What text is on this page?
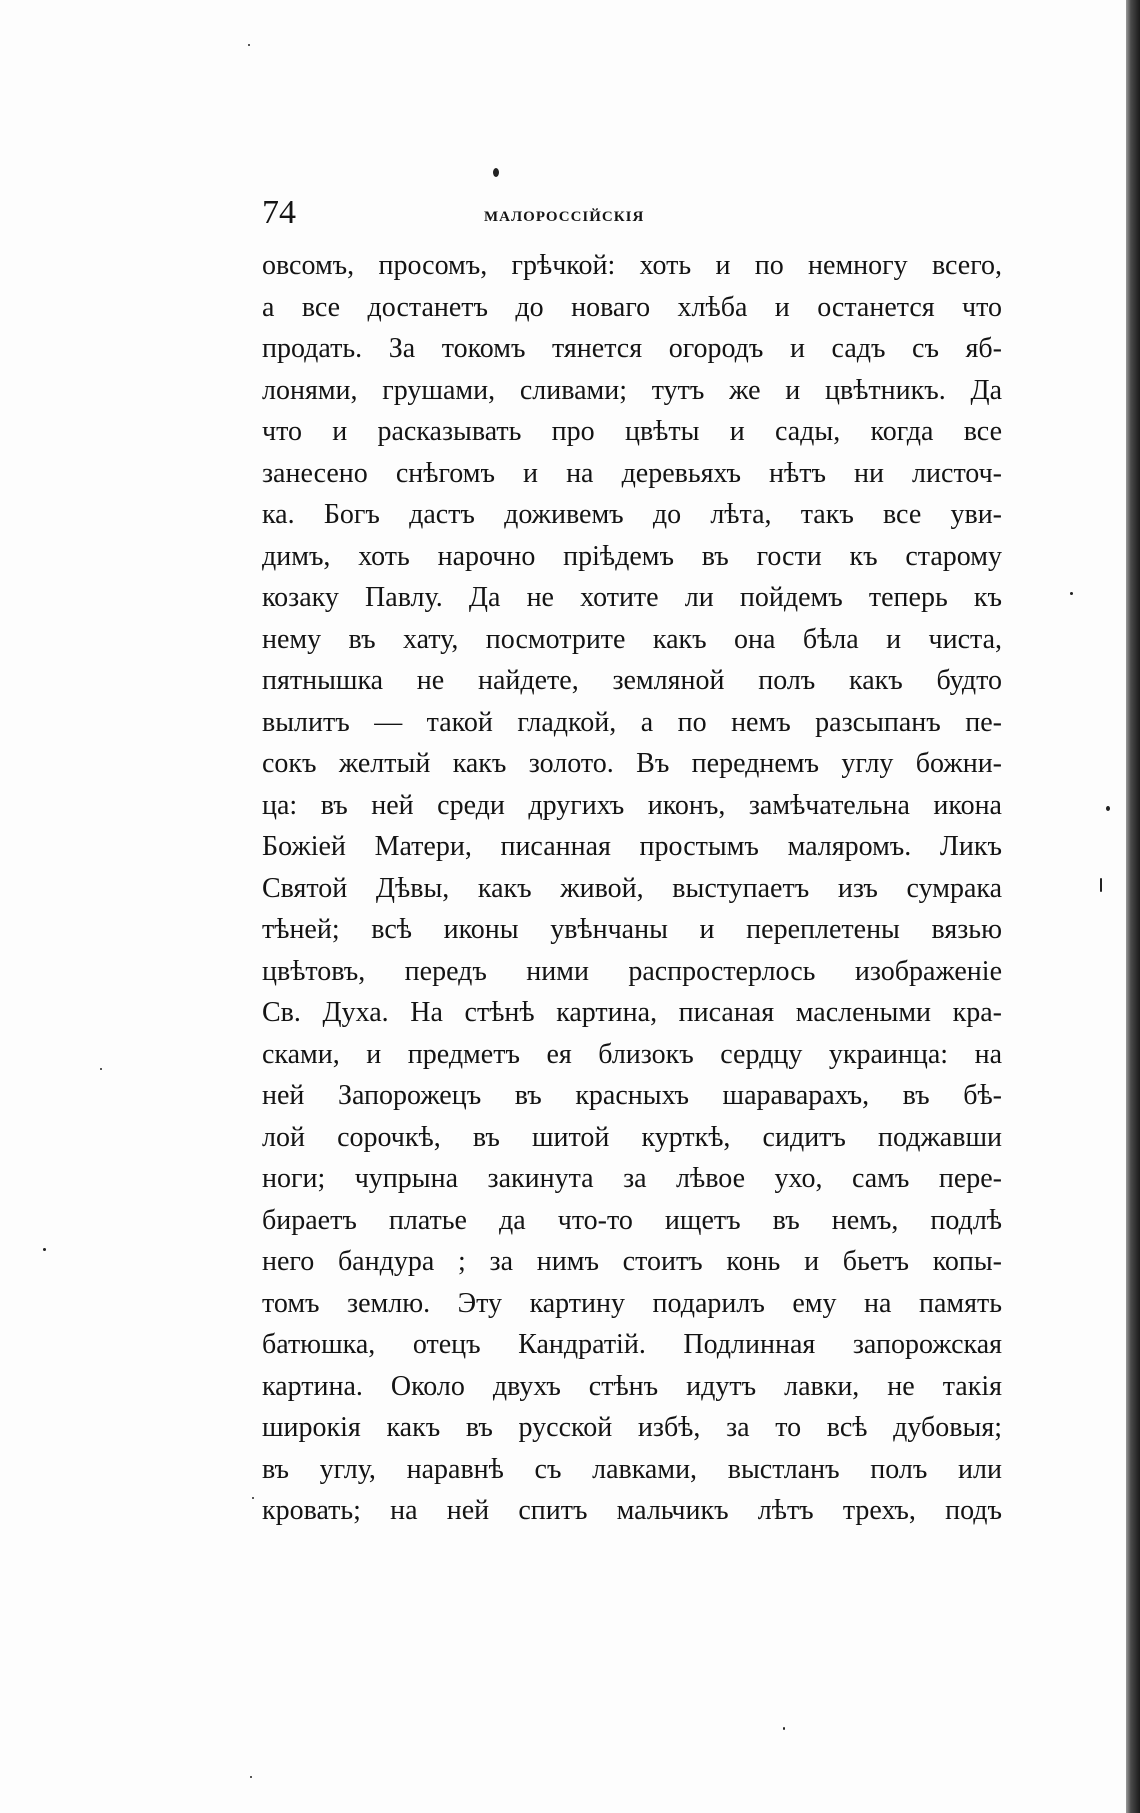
74	малороссійскія
овсомъ, просомъ, грѣчкой: хоть и по немногу всего,
а все достанетъ до новаго хлѣба и останется что
продать. За токомъ тянется огородъ и садъ съ яб-
лонями, грушами, сливами; тутъ же и цвѣтникъ. Да
что и расказывать про цвѣты и сады, когда все
занесено снѣгомъ и на деревьяхъ нѣтъ ни листоч-
ка. Богъ дастъ доживемъ до лѣта, такъ все уви-
димъ, хоть нарочно пріѣдемъ въ гости къ старому
козаку Павлу. Да не хотите ли пойдемъ теперь къ
нему въ хату, посмотрите какъ она бѣла и чиста,
пятнышка не найдете, земляной полъ какъ будто
вылитъ — такой гладкой, а по немъ разсыпанъ пе-
сокъ желтый какъ золото. Въ переднемъ углу божни-
ца: въ ней среди другихъ иконъ, замѣчательна икона
Божіей Матери, писанная простымъ маляромъ. Ликъ
Святой Дѣвы, какъ живой, выступаетъ изъ сумрака
тѣней; всѣ иконы увѣнчаны и переплетены вязью
цвѣтовъ, передъ ними распростерлось изображеніе
Св. Духа. На стѣнѣ картина, писаная маслеными кра-
сками, и предметъ ея близокъ сердцу украинца: на
ней Запорожецъ въ красныхъ шараварахъ, въ бѣ-
лой сорочкѣ, въ шитой курткѣ, сидитъ поджавши
ноги; чупрына закинута за лѣвое ухо, самъ пере-
бираетъ платье да что-то ищетъ въ немъ, подлѣ
него бандура ; за нимъ стоитъ конь и бьетъ копы-
томъ землю. Эту картину подарилъ ему на память
батюшка, отецъ Кандратій. Подлинная запорожская
картина. Около двухъ стѣнъ идутъ лавки, не такія
широкія какъ въ русской избѣ, за то всѣ дубовыя;
въ углу, наравнѣ съ лавками, выстланъ полъ или
кровать; на ней спитъ мальчикъ лѣтъ трехъ, подъ
